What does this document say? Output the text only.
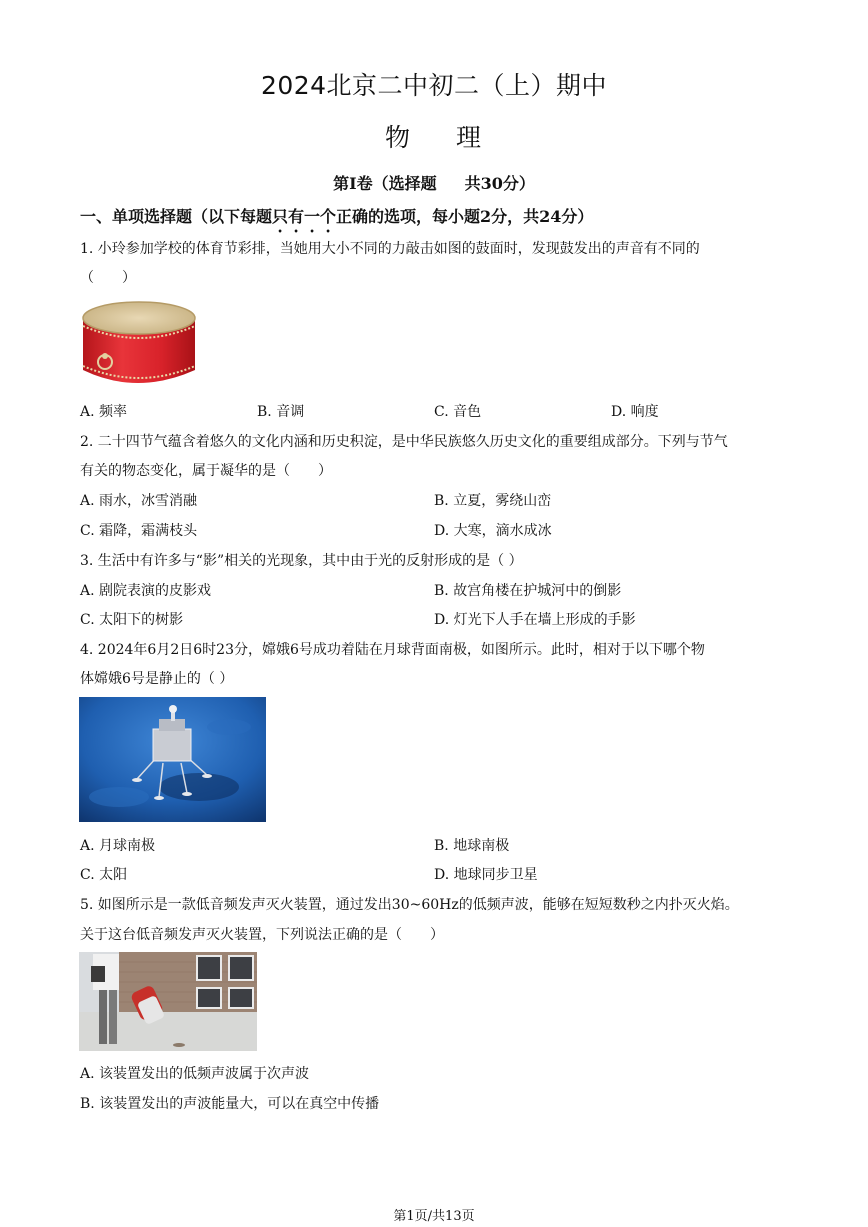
2024北京二中初二（上）期中
物 理
第I卷（选择题 共30分）
一、单项选择题（以下每题只有一个正确的选项，每小题2分，共24分）
1. 小玲参加学校的体育节彩排，当她用大小不同的力敲击如图的鼓面时，发现鼓发出的声音有不同的
（　　）
A. 频率	B. 音调	C. 音色	D. 响度
2. 二十四节气蕴含着悠久的文化内涵和历史积淀，是中华民族悠久历史文化的重要组成部分。下列与节气
有关的物态变化，属于凝华的是（　　）
A. 雨水，冰雪消融	B. 立夏，雾绕山峦
C. 霜降，霜满枝头	D. 大寒，滴水成冰
3. 生活中有许多与“影”相关的光现象，其中由于光的反射形成的是（ ）
A. 剧院表演的皮影戏	B. 故宫角楼在护城河中的倒影
C. 太阳下的树影	D. 灯光下人手在墙上形成的手影
4. 2024年6月2日6时23分，嫦娥6号成功着陆在月球背面南极，如图所示。此时，相对于以下哪个物
体嫦娥6号是静止的（ ）
A. 月球南极	B. 地球南极
C. 太阳	D. 地球同步卫星
5. 如图所示是一款低音频发声灭火装置，通过发出30~60Hz的低频声波，能够在短短数秒之内扑灭火焰。
关于这台低音频发声灭火装置，下列说法正确的是（　　）
A. 该装置发出的低频声波属于次声波
B. 该装置发出的声波能量大，可以在真空中传播
第1页/共13页
